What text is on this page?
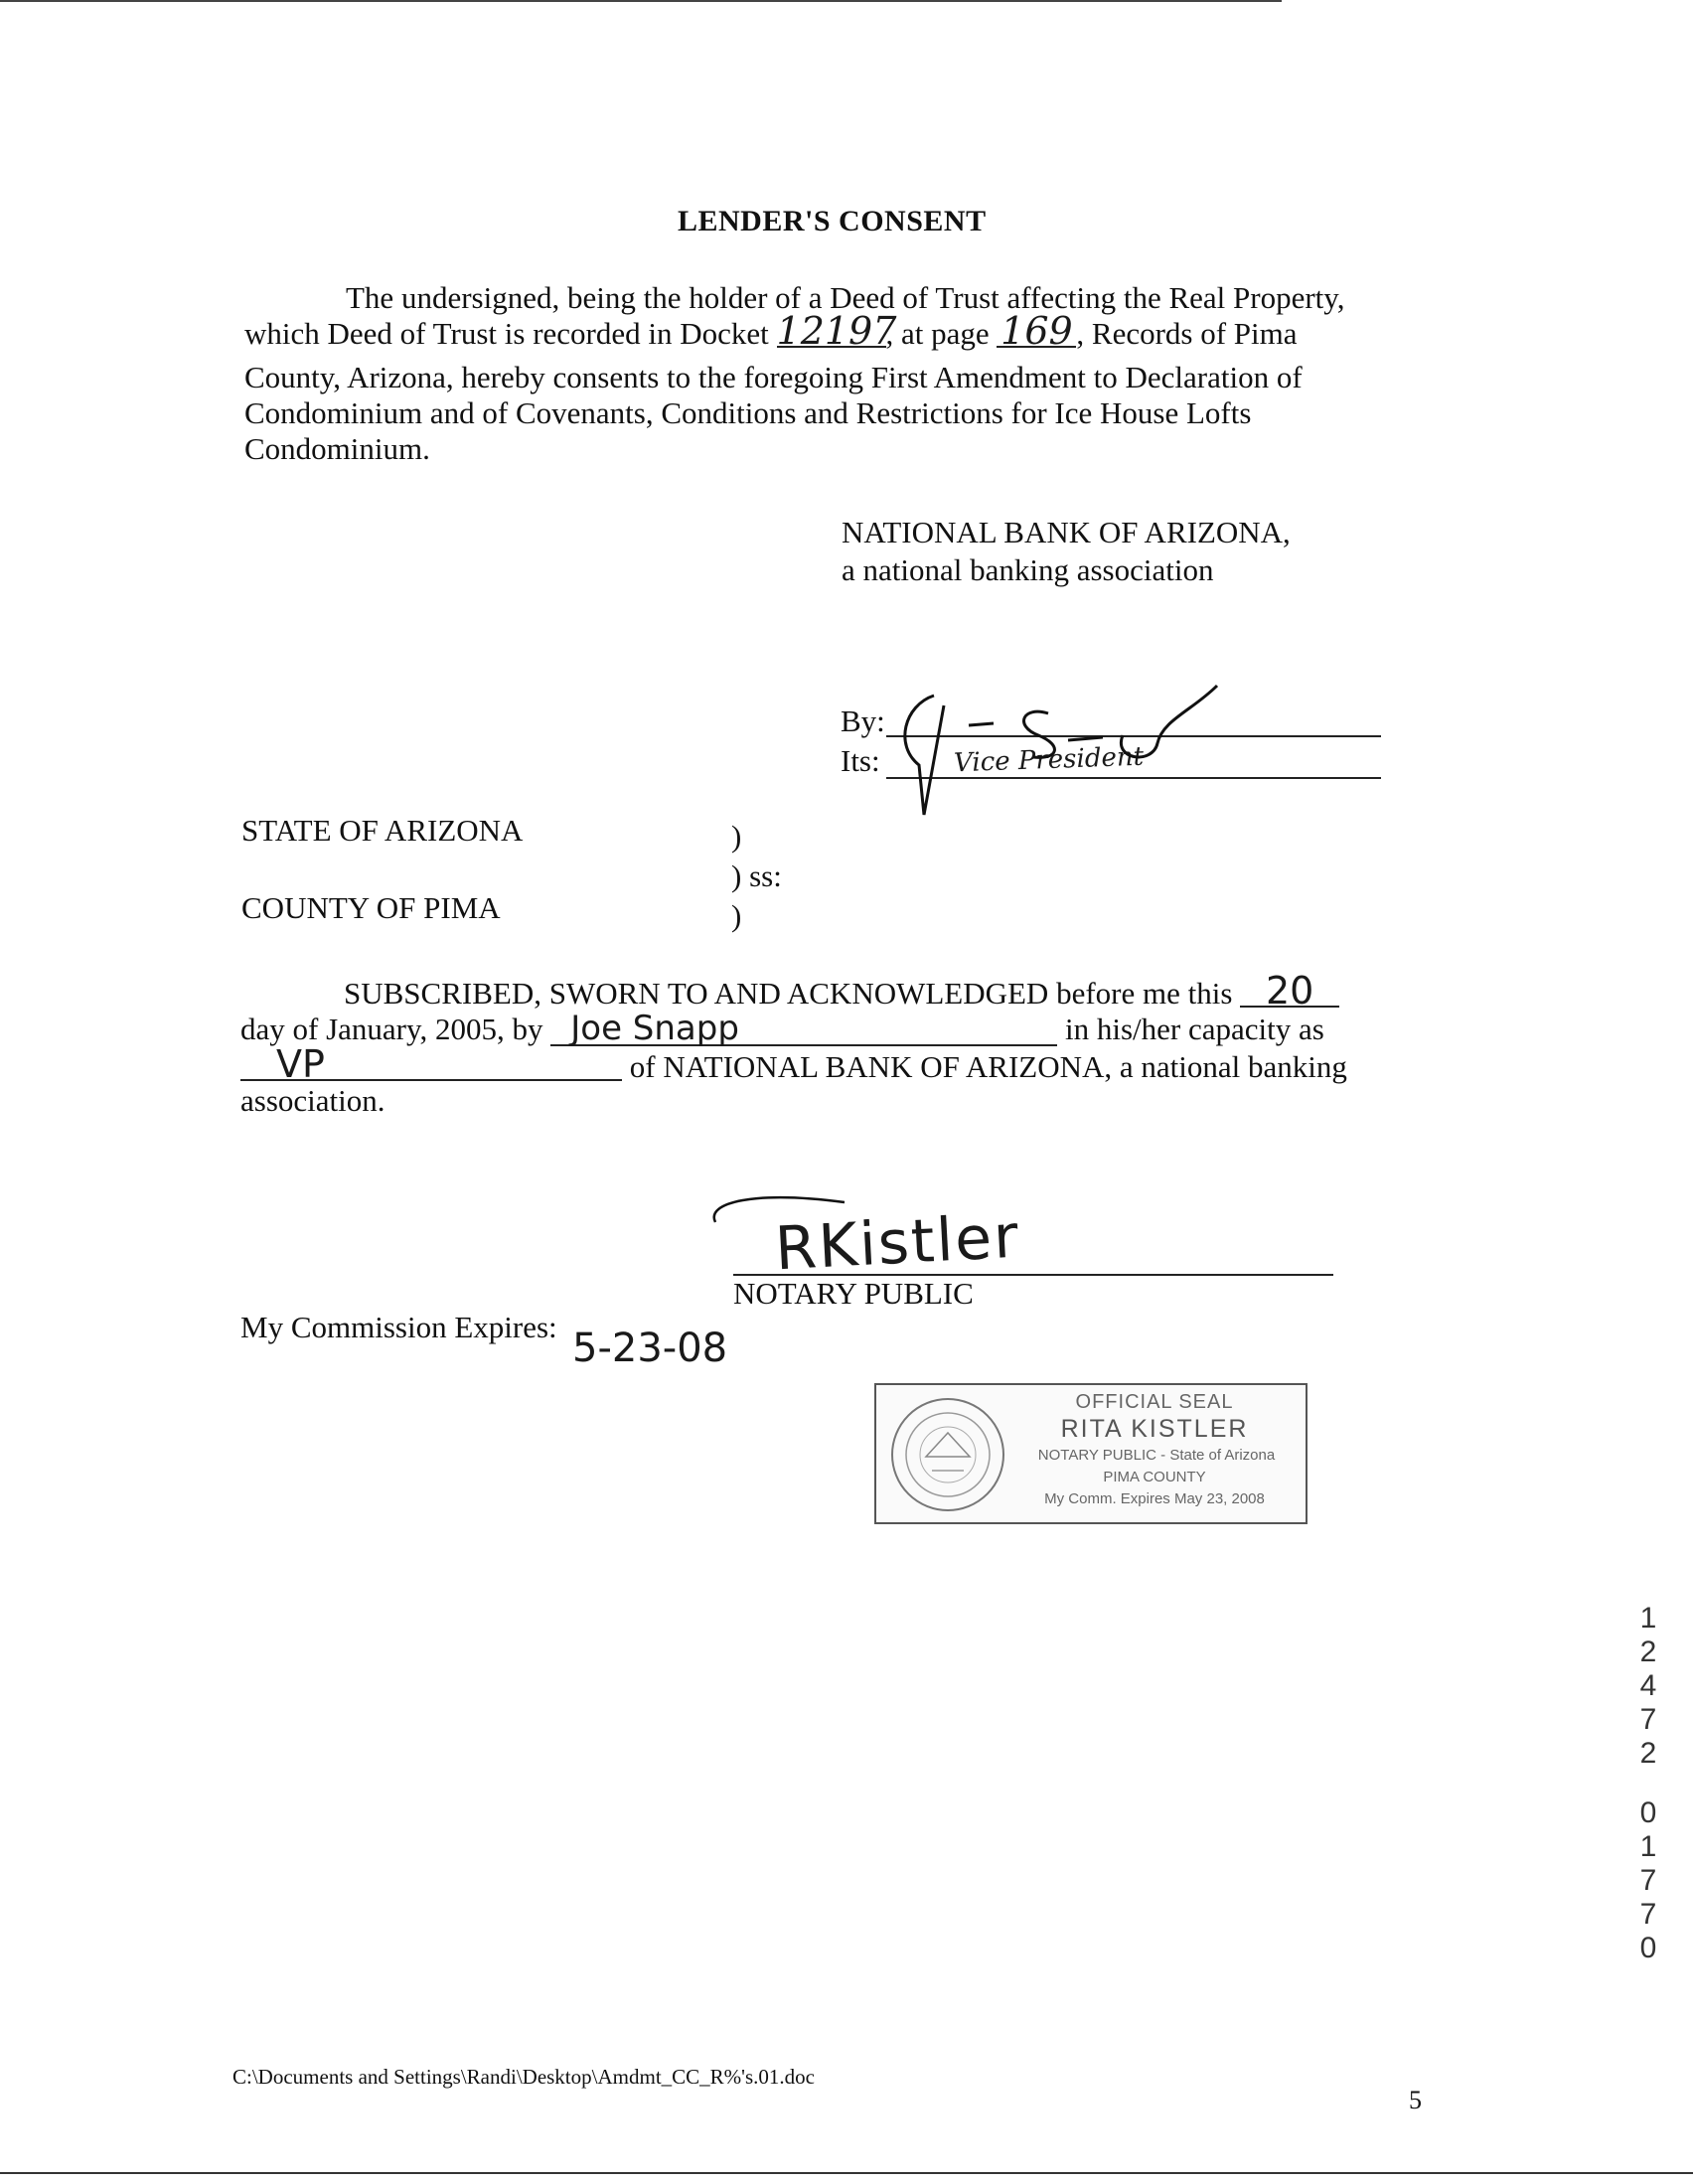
LENDER'S CONSENT
The undersigned, being the holder of a Deed of Trust affecting the Real Property,
which Deed of Trust is recorded in Docket 12197, at page 169 , Records of Pima
County, Arizona, hereby consents to the foregoing First Amendment to Declaration of
Condominium and of Covenants, Conditions and Restrictions for Ice House Lofts
Condominium.
NATIONAL BANK OF ARIZONA,
a national banking association
By:
Its:	Vice President
STATE OF ARIZONA	)
) ss:
COUNTY OF PIMA	)
SUBSCRIBED, SWORN TO AND ACKNOWLEDGED before me this 20
day of January, 2005, by Joe Snapp	in his/her capacity as
VP	of NATIONAL BANK OF ARIZONA, a national banking
association.
RKistler
NOTARY PUBLIC
My Commission Expires: 5-23-08
OFFICIAL SEAL
RITA KISTLER
NOTARY PUBLIC - State of Arizona
PIMA COUNTY
My Comm. Expires May 23, 2008
1
2
4
7
2
0
1
7
7
0
C:\Documents and Settings\Randi\Desktop\Amdmt_CC_R%'s.01.doc
5
